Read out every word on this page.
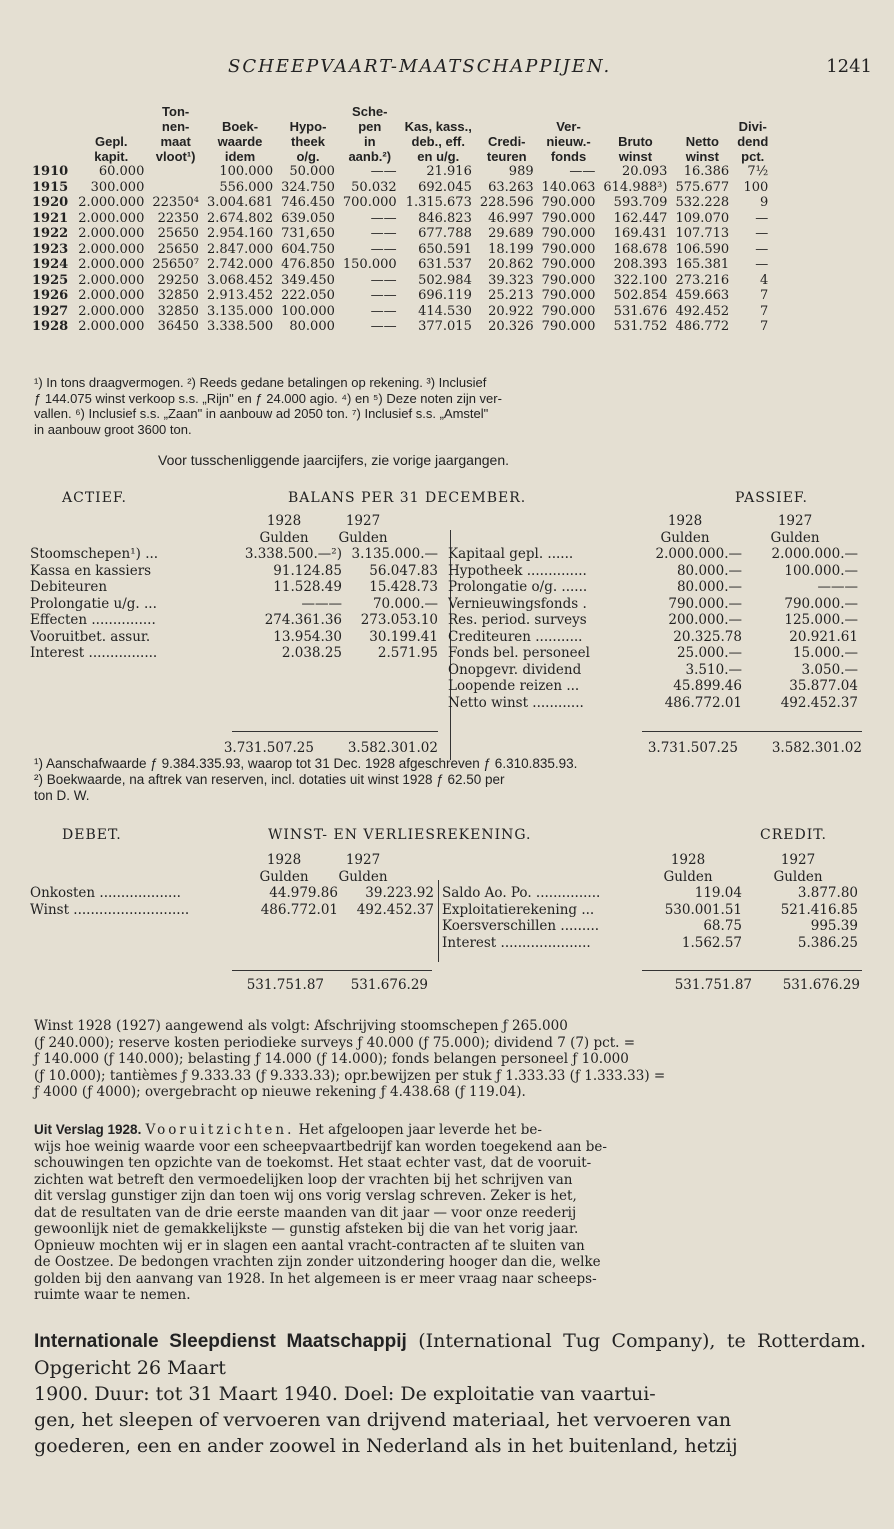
SCHEEPVAART-MAATSCHAPPIJEN.	1241
		Ton-			Sche-						
		nen-	Boek-	Hypo-	pen	Kas, kass.,		Ver-			Divi-
	Gepl.	maat	waarde	theek	in	deb., eff.	Credi-	nieuw.-	Bruto	Netto	dend
	kapit.	vloot¹)	idem	o/g.	aanb.²)	en u/g.	teuren	fonds	winst	winst	pct.
1910	60.000		100.000	50.000	——	21.916	989	——	20.093	16.386	7½
1915	300.000		556.000	324.750	50.032	692.045	63.263	140.063	614.988³)	575.677	100
1920	2.000.000	22350⁴	3.004.681	746.450	700.000	1.315.673	228.596	790.000	593.709	532.228	9
1921	2.000.000	22350	2.674.802	639.050	——	846.823	46.997	790.000	162.447	109.070	—
1922	2.000.000	25650	2.954.160	731,650	——	677.788	29.689	790.000	169.431	107.713	—
1923	2.000.000	25650	2.847.000	604.750	——	650.591	18.199	790.000	168.678	106.590	—
1924	2.000.000	25650⁷	2.742.000	476.850	150.000	631.537	20.862	790.000	208.393	165.381	—
1925	2.000.000	29250	3.068.452	349.450	——	502.984	39.323	790.000	322.100	273.216	4
1926	2.000.000	32850	2.913.452	222.050	——	696.119	25.213	790.000	502.854	459.663	7
1927	2.000.000	32850	3.135.000	100.000	——	414.530	20.922	790.000	531.676	492.452	7
1928	2.000.000	36450	3.338.500	80.000	——	377.015	20.326	790.000	531.752	486.772	7
¹) In tons draagvermogen. ²) Reeds gedane betalingen op rekening. ³) Inclusief
ƒ 144.075 winst verkoop s.s. „Rijn" en ƒ 24.000 agio. ⁴) en ⁵) Deze noten zijn ver-
vallen. ⁶) Inclusief s.s. „Zaan" in aanbouw ad 2050 ton. ⁷) Inclusief s.s. „Amstel"
in aanbouw groot 3600 ton.
Voor tusschenliggende jaarcijfers, zie vorige jaargangen.
ACTIEF.	BALANS PER 31 DECEMBER.	PASSIEF.
1928	1927
Gulden	Gulden
Stoomschepen¹) ...	3.338.500.—²) 3.135.000.—
Kassa en kassiers	91.124.85	56.047.83
Debiteuren	11.528.49	15.428.73
Prolongatie u/g. ...	———	70.000.—
Effecten ...............	274.361.36	273.053.10
Vooruitbet. assur.	13.954.30	30.199.41
Interest ................	2.038.25	2.571.95
1928	1927
Gulden	Gulden
Kapitaal gepl. ......	2.000.000.—	2.000.000.—
Hypotheek ..............	80.000.—	100.000.—
Prolongatie o/g. ......	80.000.—	———
Vernieuwingsfonds .	790.000.—	790.000.—
Res. period. surveys	200.000.—	125.000.—
Crediteuren ...........	20.325.78	20.921.61
Fonds bel. personeel	25.000.—	15.000.—
Onopgevr. dividend	3.510.—	3.050.—
Loopende reizen ...	45.899.46	35.877.04
Netto winst ............	486.772.01	492.452.37
3.731.507.25	3.582.301.02	3.731.507.25	3.582.301.02
¹) Aanschafwaarde ƒ 9.384.335.93, waarop tot 31 Dec. 1928 afgeschreven ƒ 6.310.835.93.
²) Boekwaarde, na aftrek van reserven, incl. dotaties uit winst 1928 ƒ 62.50 per
ton D. W.
DEBET.	WINST- EN VERLIESREKENING.	CREDIT.
1928	1927
Gulden	Gulden
Onkosten ...................	44.979.86	39.223.92
Winst ...........................	486.772.01	492.452.37
1928	1927
Gulden	Gulden
Saldo Ao. Po. ...............	119.04	3.877.80
Exploitatierekening ...	530.001.51	521.416.85
Koersverschillen .........	68.75	995.39
Interest .....................	1.562.57	5.386.25
531.751.87	531.676.29	531.751.87	531.676.29
Winst 1928 (1927) aangewend als volgt: Afschrijving stoomschepen ƒ 265.000
(ƒ 240.000); reserve kosten periodieke surveys ƒ 40.000 (ƒ 75.000); dividend 7 (7) pct. =
ƒ 140.000 (ƒ 140.000); belasting ƒ 14.000 (ƒ 14.000); fonds belangen personeel ƒ 10.000
(ƒ 10.000); tantièmes ƒ 9.333.33 (ƒ 9.333.33); opr.bewijzen per stuk ƒ 1.333.33 (ƒ 1.333.33) =
ƒ 4000 (ƒ 4000); overgebracht op nieuwe rekening ƒ 4.438.68 (ƒ 119.04).
Uit Verslag 1928. Vooruitzichten. Het afgeloopen jaar leverde het be-
wijs hoe weinig waarde voor een scheepvaartbedrijf kan worden toegekend aan be-
schouwingen ten opzichte van de toekomst. Het staat echter vast, dat de vooruit-
zichten wat betreft den vermoedelijken loop der vrachten bij het schrijven van
dit verslag gunstiger zijn dan toen wij ons vorig verslag schreven. Zeker is het,
dat de resultaten van de drie eerste maanden van dit jaar — voor onze reederij
gewoonlijk niet de gemakkelijkste — gunstig afsteken bij die van het vorig jaar.
Opnieuw mochten wij er in slagen een aantal vracht-contracten af te sluiten van
de Oostzee. De bedongen vrachten zijn zonder uitzondering hooger dan die, welke
golden bij den aanvang van 1928. In het algemeen is er meer vraag naar scheeps-
ruimte waar te nemen.
Internationale Sleepdienst Maatschappij (International Tug Company), te Rotterdam. Opgericht 26 Maart
1900. Duur: tot 31 Maart 1940. Doel: De exploitatie van vaartui-
gen, het sleepen of vervoeren van drijvend materiaal, het vervoeren van
goederen, een en ander zoowel in Nederland als in het buitenland, hetzij
